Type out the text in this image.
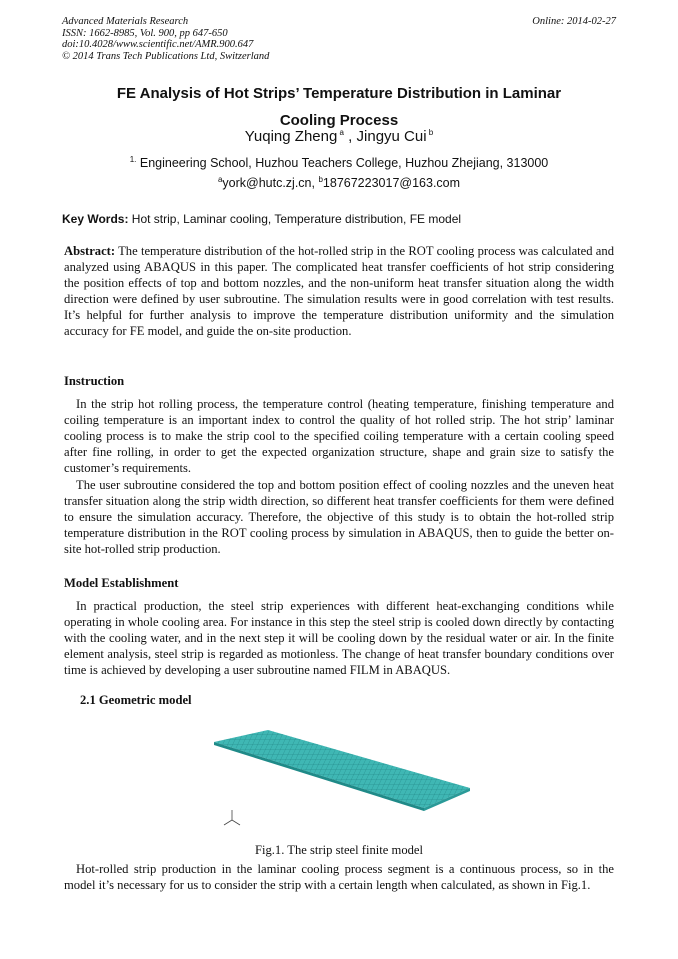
Advanced Materials Research
ISSN: 1662-8985, Vol. 900, pp 647-650
doi:10.4028/www.scientific.net/AMR.900.647
© 2014 Trans Tech Publications Ltd, Switzerland
Online: 2014-02-27
FE Analysis of Hot Strips’ Temperature Distribution in Laminar
Cooling Process
Yuqing Zheng $^a$ , Jingyu Cui $^b$
$^{1.}$ Engineering School, Huzhou Teachers College, Huzhou Zhejiang, 313000
$^a$york@hutc.zj.cn, $^b$18767223017@163.com
Key Words: Hot strip, Laminar cooling, Temperature distribution, FE model
Abstract: The temperature distribution of the hot-rolled strip in the ROT cooling process was calculated and analyzed using ABAQUS in this paper. The complicated heat transfer coefficients of hot strip considering the position effects of top and bottom nozzles, and the non-uniform heat transfer situation along the width direction were defined by user subroutine. The simulation results were in good correlation with test results. It’s helpful for further analysis to improve the temperature distribution uniformity and the simulation accuracy for FE model, and guide the on-site production.
Instruction
In the strip hot rolling process, the temperature control (heating temperature, finishing temperature and coiling temperature is an important index to control the quality of hot rolled strip. The hot strip’ laminar cooling process is to make the strip cool to the specified coiling temperature with a certain cooling speed after fine rolling, in order to get the expected organization structure, shape and grain size to satisfy the customer’s requirements.
The user subroutine considered the top and bottom position effect of cooling nozzles and the uneven heat transfer situation along the strip width direction, so different heat transfer coefficients for them were defined to ensure the simulation accuracy. Therefore, the objective of this study is to obtain the hot-rolled strip temperature distribution in the ROT cooling process by simulation in ABAQUS, then to guide the better on-site hot-rolled strip production.
Model Establishment
In practical production, the steel strip experiences with different heat-exchanging conditions while operating in whole cooling area. For instance in this step the steel strip is cooled down directly by contacting with the cooling water, and in the next step it will be cooling down by the residual water or air. In the finite element analysis, steel strip is regarded as motionless. The change of heat transfer boundary conditions over time is achieved by developing a user subroutine named FILM in ABAQUS.
2.1 Geometric model
Fig.1. The strip steel finite model
Hot-rolled strip production in the laminar cooling process segment is a continuous process, so in the model it’s necessary for us to consider the strip with a certain length when calculated, as shown in Fig.1.
